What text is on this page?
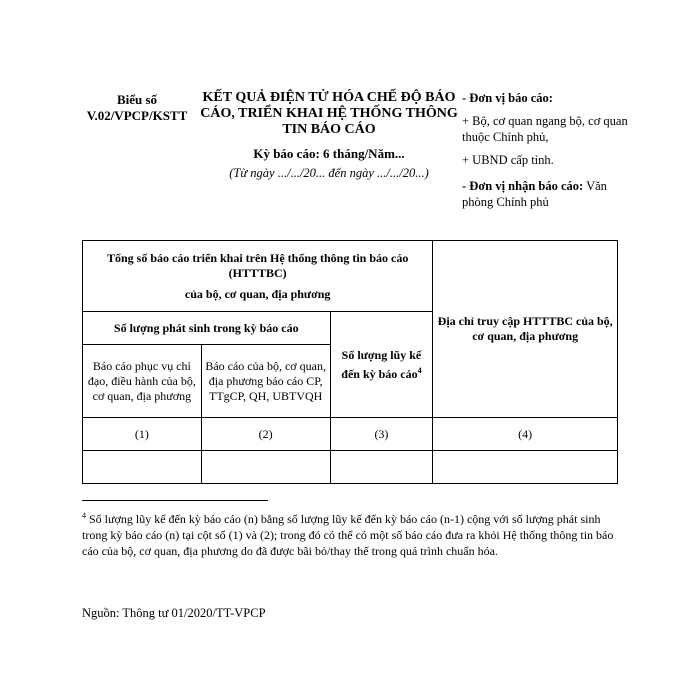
Biểu số V.02/VPCP/KSTT
KẾT QUẢ ĐIỆN TỬ HÓA CHẾ ĐỘ BÁO CÁO, TRIỂN KHAI HỆ THỐNG THÔNG TIN BÁO CÁO
Kỳ báo cáo: 6 tháng/Năm...
(Từ ngày .../.../20... đến ngày .../.../20...)

- Đơn vị báo cáo:

+ Bộ, cơ quan ngang bộ, cơ quan thuộc Chính phủ,

+ UBND cấp tỉnh.

- Đơn vị nhận báo cáo: Văn phòng Chính phủ

Tổng số báo cáo triển khai trên Hệ thống thông tin báo cáo (HTTTBC)
của bộ, cơ quan, địa phương			Địa chỉ truy cập HTTTBC của bộ, cơ quan, địa phương
Số lượng phát sinh trong kỳ báo cáo		Số lượng lũy kế đến kỳ báo cáo$^4$
Báo cáo phục vụ chỉ đạo, điều hành của bộ, cơ quan, địa phương	Báo cáo của bộ, cơ quan, địa phương báo cáo CP, TTgCP, QH, UBTVQH		
(1)	(2)	(3)	(4)

$^4$ Số lượng lũy kế đến kỳ báo cáo (n) bằng số lượng lũy kế đến kỳ báo cáo (n-1) cộng với số lượng phát sinh trong kỳ báo cáo (n) tại cột số (1) và (2); trong đó có thể có một số báo cáo đưa ra khỏi Hệ thống thông tin báo cáo của bộ, cơ quan, địa phương do đã được bãi bỏ/thay thế trong quá trình chuẩn hóa.
Nguồn: Thông tư 01/2020/TT-VPCP
